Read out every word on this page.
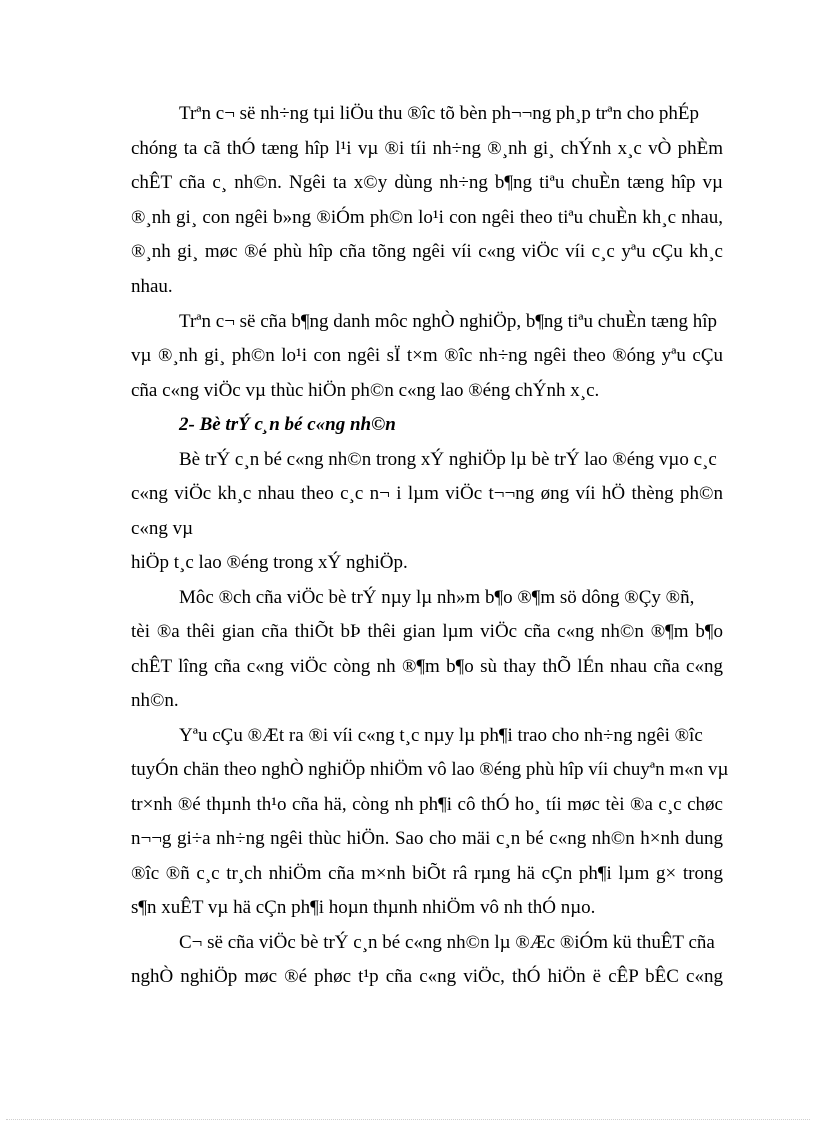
Trªn c¬ së nh÷ng tµi liÖu thu ®îc tõ bèn ph¬¬ng ph¸p trªn cho phÉp
chóng ta cã thÓ tæng hîp l¹i vµ ®i tíi nh÷ng ®¸nh gi¸ chÝnh x¸c vÒ phÈm
chÊT cña c¸ nh©n. Ngêi ta x©y dùng nh÷ng b¶ng tiªu chuÈn tæng hîp vµ
®¸nh gi¸ con ngêi b»ng ®iÓm ph©n lo¹i con ngêi theo tiªu chuÈn kh¸c nhau,
®¸nh gi¸ møc ®é phù hîp cña tõng ngêi víi c«ng viÖc víi c¸c yªu cÇu kh¸c
nhau.
Trªn c¬ së cña b¶ng danh môc nghÒ nghiÖp, b¶ng tiªu chuÈn tæng hîp
vµ ®¸nh gi¸ ph©n lo¹i con ngêi sÏ t×m ®îc nh÷ng ngêi theo ®óng yªu cÇu
cña c«ng viÖc vµ thùc hiÖn ph©n c«ng lao ®éng chÝnh x¸c.
2- Bè trÝ c¸n bé c«ng nh©n
Bè trÝ c¸n bé c«ng nh©n trong xÝ nghiÖp lµ bè trÝ lao ®éng vµo c¸c
c«ng viÖc kh¸c nhau theo c¸c n¬ i lµm viÖc t¬¬ng øng víi hÖ thèng ph©n
c«ng vµ
hiÖp t¸c lao ®éng trong xÝ nghiÖp.
Môc ®ch cña viÖc bè trÝ nµy lµ nh»m b¶o ®¶m sö dông ®Çy ®ñ,
tèi ®a thêi gian cña thiÕt bÞ thêi gian lµm viÖc cña c«ng nh©n ®¶m b¶o
chÊT lîng cña c«ng viÖc còng nh ®¶m b¶o sù thay thÕ lÉn nhau cña c«ng
nh©n.
Yªu cÇu ®Æt ra ®i víi c«ng t¸c nµy lµ ph¶i trao cho nh÷ng ngêi ®îc
tuyÓn chän theo nghÒ nghiÖp nhiÖm vô lao ®éng phù hîp víi chuyªn m«n vµ
tr×nh ®é thµnh th¹o cña hä, còng nh ph¶i cô thÓ ho¸ tíi møc tèi ®a c¸c chøc
n¬¬g gi÷a nh÷ng ngêi thùc hiÖn. Sao cho mäi c¸n bé c«ng nh©n h×nh dung
®îc ®ñ c¸c tr¸ch nhiÖm cña m×nh biÕt râ rµng hä cÇn ph¶i lµm g× trong
s¶n xuÊT vµ hä cÇn ph¶i hoµn thµnh nhiÖm vô nh thÓ nµo.
C¬ së cña viÖc bè trÝ c¸n bé c«ng nh©n lµ ®Æc ®iÓm kü thuÊT cña
nghÒ nghiÖp møc ®é phøc t¹p cña c«ng viÖc, thÓ hiÖn ë cÊP bÊC c«ng
